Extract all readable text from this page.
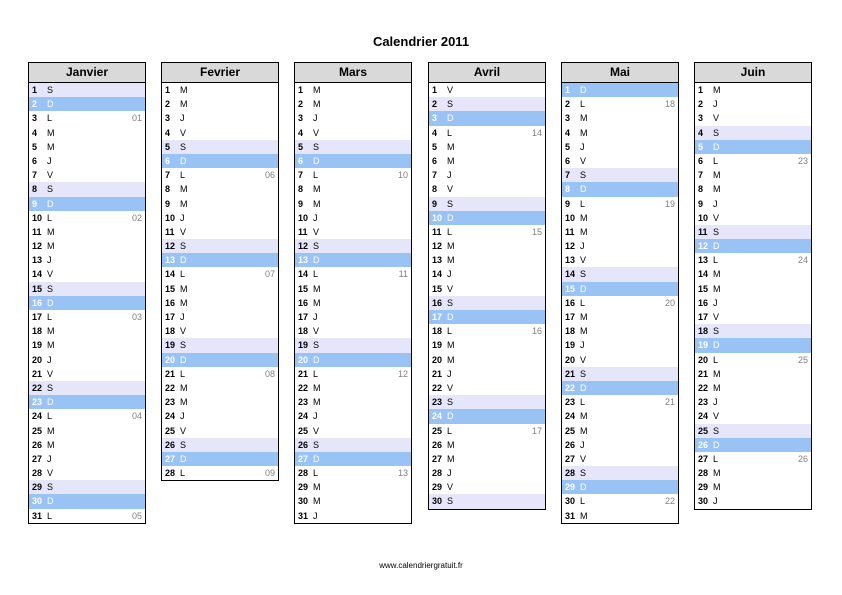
Calendrier 2011
Janvier
1	S
2	D
3	L	01
4	M
5	M
6	J
7	V
8	S
9	D
10 L	02
11 M
12 M
13 J
14 V
15 S
16 D
17 L	03
18 M
19 M
20 J
21 V
22 S
23 D
24 L	04
25 M
26 M
27 J
28 V
29 S
30 D
31 L	05
Fevrier
1	M
2	M
3	J
4	V
5	S
6	D
7	L	06
8	M
9	M
10 J
11 V
12 S
13 D
14 L	07
15 M
16 M
17 J
18 V
19 S
20 D
21 L	08
22 M
23 M
24 J
25 V
26 S
27 D
28 L	09
Mars
1	M
2	M
3	J
4	V
5	S
6	D
7	L	10
8	M
9	M
10 J
11 V
12 S
13 D
14 L	11
15 M
16 M
17 J
18 V
19 S
20 D
21 L	12
22 M
23 M
24 J
25 V
26 S
27 D
28 L	13
29 M
30 M
31 J
Avril
1	V
2	S
3	D
4	L	14
5	M
6	M
7	J
8	V
9	S
10 D
11 L	15
12 M
13 M
14 J
15 V
16 S
17 D
18 L	16
19 M
20 M
21 J
22 V
23 S
24 D
25 L	17
26 M
27 M
28 J
29 V
30 S
Mai
1	D
2	L	18
3	M
4	M
5	J
6	V
7	S
8	D
9	L	19
10 M
11 M
12 J
13 V
14 S
15 D
16 L	20
17 M
18 M
19 J
20 V
21 S
22 D
23 L	21
24 M
25 M
26 J
27 V
28 S
29 D
30 L	22
31 M
Juin
1	M
2	J
3	V
4	S
5	D
6	L	23
7	M
8	M
9	J
10 V
11 S
12 D
13 L	24
14 M
15 M
16 J
17 V
18 S
19 D
20 L	25
21 M
22 M
23 J
24 V
25 S
26 D
27 L	26
28 M
29 M
30 J
www.calendriergratuit.fr
